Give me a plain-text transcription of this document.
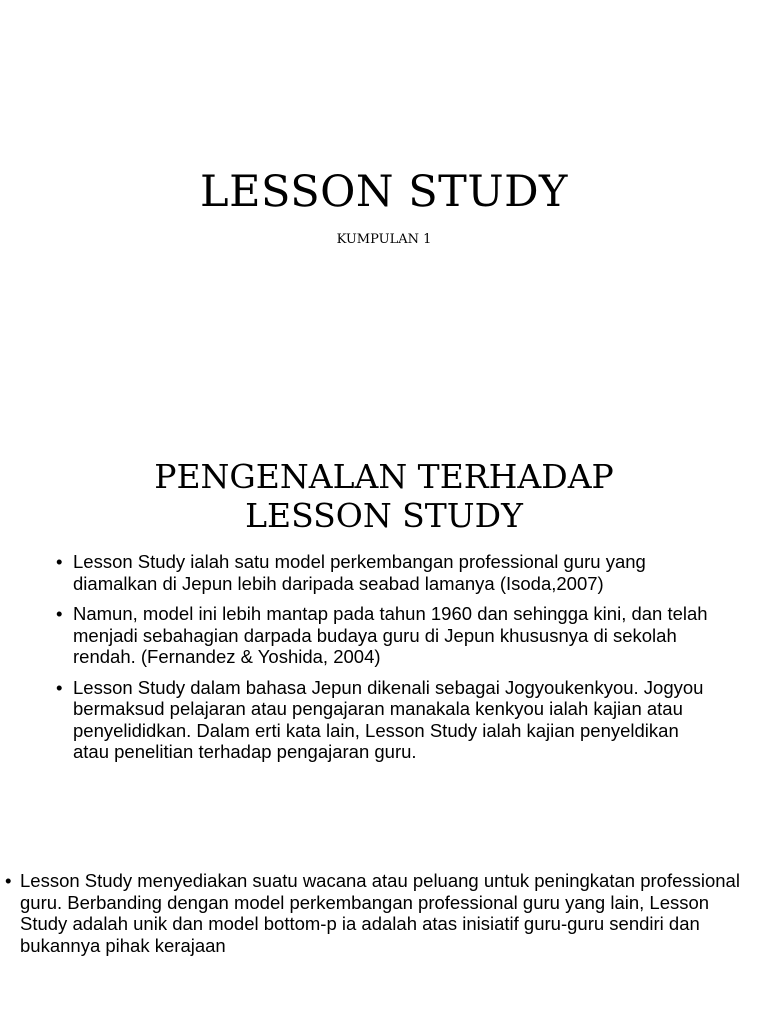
LESSON STUDY
KUMPULAN 1
PENGENALAN TERHADAP LESSON STUDY
• Lesson Study ialah satu model perkembangan professional guru yang diamalkan di Jepun lebih daripada seabad lamanya (Isoda,2007)
• Namun, model ini lebih mantap pada tahun 1960 dan sehingga kini, dan telah menjadi sebahagian darpada budaya guru di Jepun khususnya di sekolah rendah. (Fernandez & Yoshida, 2004)
• Lesson Study dalam bahasa Jepun dikenali sebagai Jogyoukenkyou. Jogyou bermaksud pelajaran atau pengajaran manakala kenkyou ialah kajian atau penyelididkan. Dalam erti kata lain, Lesson Study ialah kajian penyeldikan atau penelitian terhadap pengajaran guru.
• Lesson Study menyediakan suatu wacana atau peluang untuk peningkatan professional guru. Berbanding dengan model perkembangan professional guru yang lain, Lesson Study adalah unik dan model bottom-p ia adalah atas inisiatif guru-guru sendiri dan bukannya pihak kerajaan
